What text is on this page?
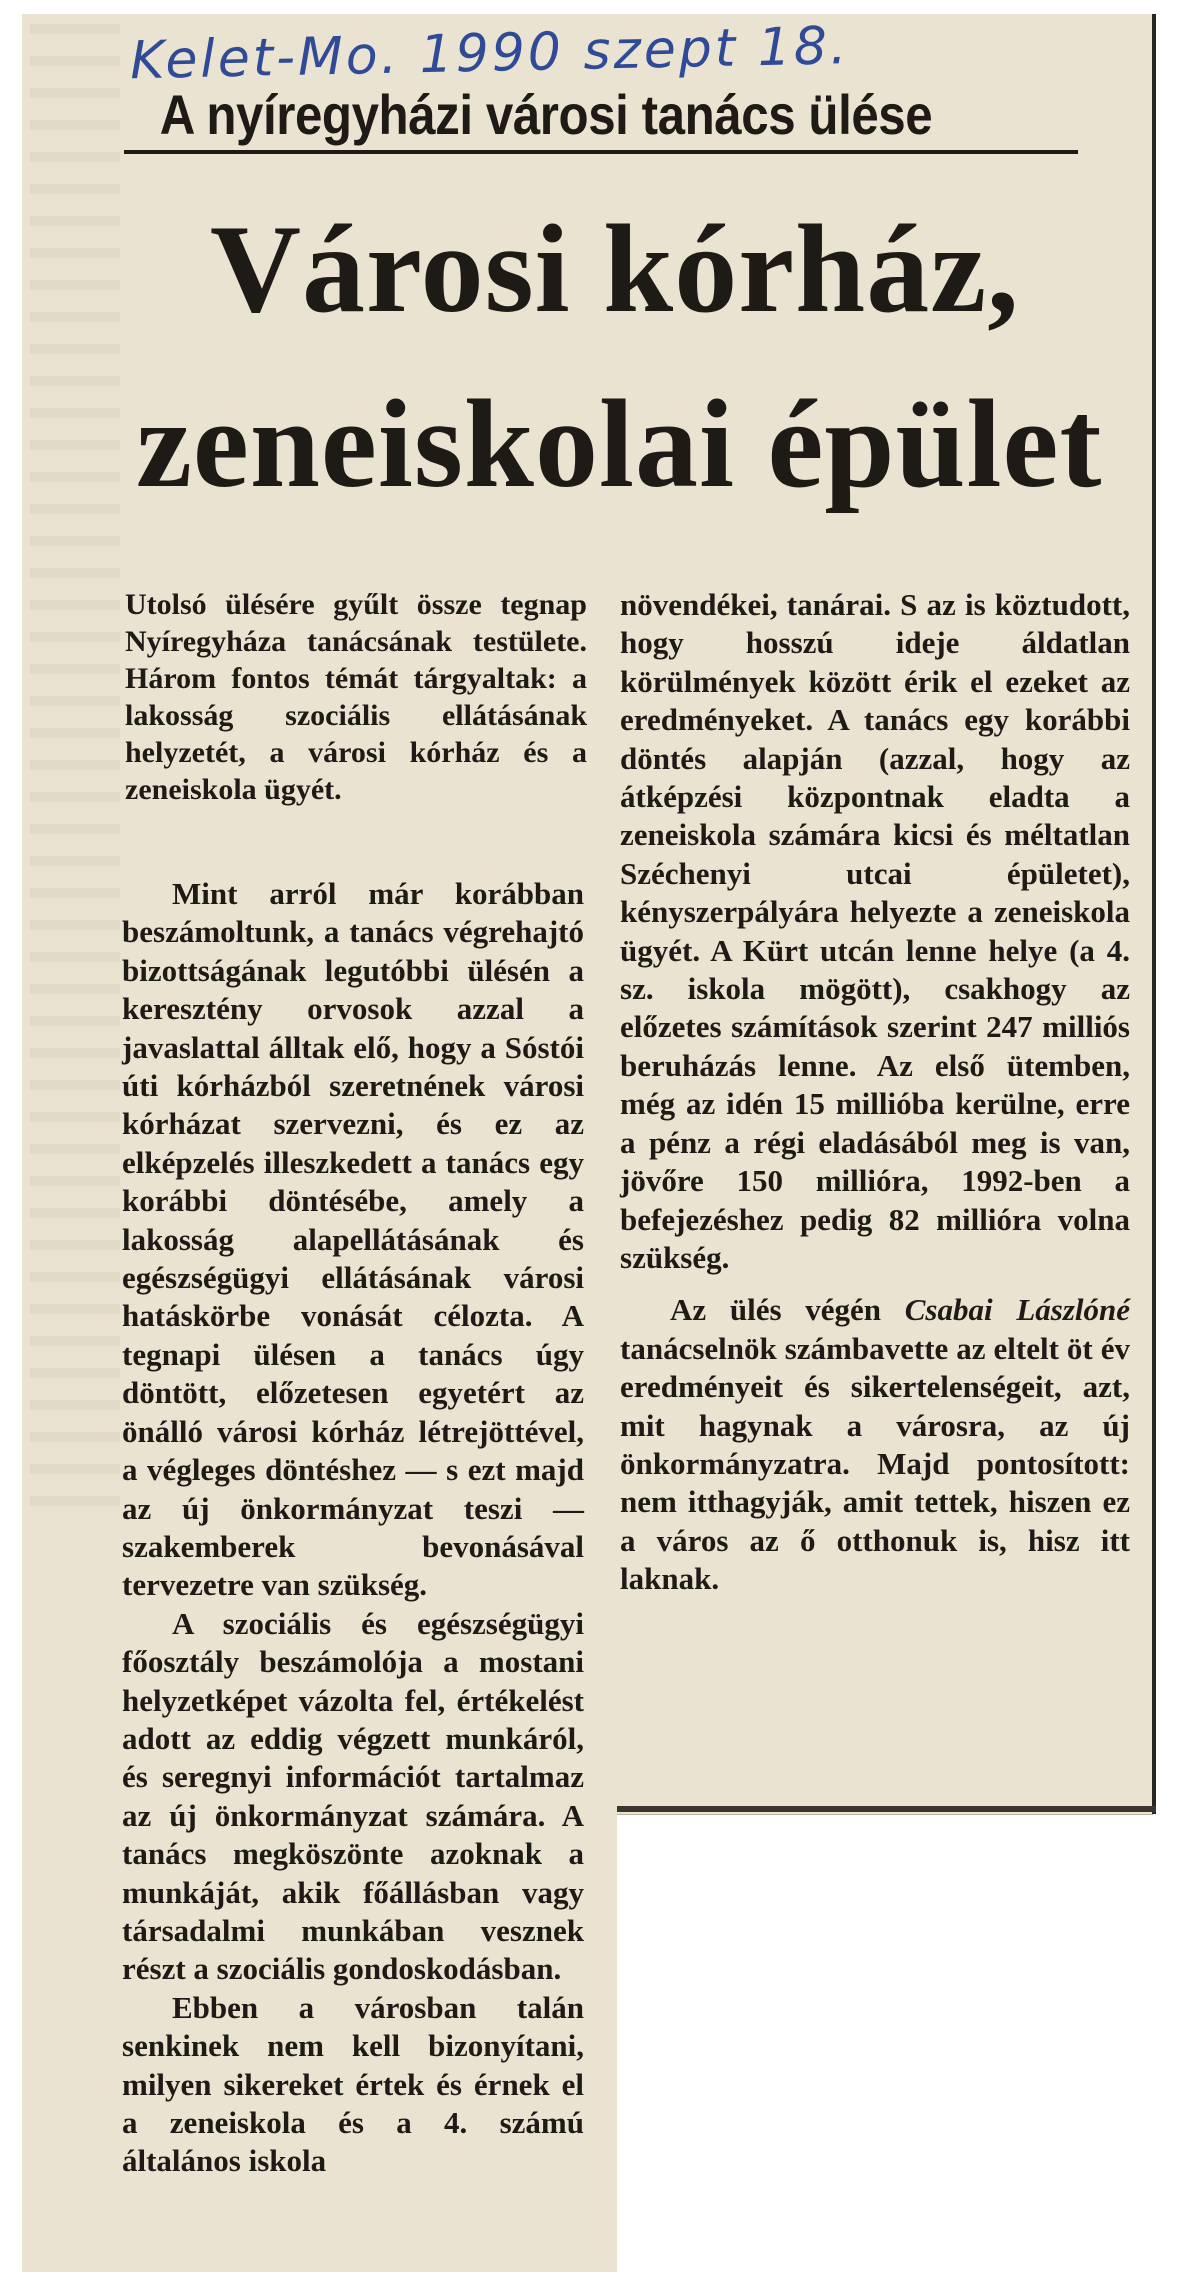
Kelet-Mo. 1990 szept 18.
A nyíregyházi városi tanács ülése
Városi kórház,
zeneiskolai épület

Utolsó ülésére gyűlt össze tegnap Nyíregyháza tanácsának testülete. Három fontos témát tárgyaltak: a lakosság szociális ellátásának helyzetét, a városi kórház és a zeneiskola ügyét.

Mint arról már korábban beszámoltunk, a tanács végrehajtó bizottságának legutóbbi ülésén a keresztény orvosok azzal a javaslattal álltak elő, hogy a Sóstói úti kórházból szeretnének városi kórházat szervezni, és ez az elképzelés illeszkedett a tanács egy korábbi döntésébe, amely a lakosság alapellátásának és egészségügyi ellátásának városi hatáskörbe vonását célozta. A tegnapi ülésen a tanács úgy döntött, előzetesen egyetért az önálló városi kórház létrejöttével, a végleges döntéshez — s ezt majd az új önkormányzat teszi — szakemberek bevonásával tervezetre van szükség.

A szociális és egészségügyi főosztály beszámolója a mostani helyzetképet vázolta fel, értékelést adott az eddig végzett munkáról, és seregnyi információt tartalmaz az új önkormányzat számára. A tanács megköszönte azoknak a munkáját, akik főállásban vagy társadalmi munkában vesznek részt a szociális gondoskodásban.

Ebben a városban talán senkinek nem kell bizonyítani, milyen sikereket értek és érnek el a zeneiskola és a 4. számú általános iskola

növendékei, tanárai. S az is köztudott, hogy hosszú ideje áldatlan körülmények között érik el ezeket az eredményeket. A tanács egy korábbi döntés alapján (azzal, hogy az átképzési központnak eladta a zeneiskola számára kicsi és méltatlan Széchenyi utcai épületet), kényszerpályára helyezte a zeneiskola ügyét. A Kürt utcán lenne helye (a 4. sz. iskola mögött), csakhogy az előzetes számítások szerint 247 milliós beruházás lenne. Az első ütemben, még az idén 15 millióba kerülne, erre a pénz a régi eladásából meg is van, jövőre 150 millióra, 1992-ben a befejezéshez pedig 82 millióra volna szükség.

Az ülés végén Csabai Lászlóné tanácselnök számbavette az eltelt öt év eredményeit és sikertelenségeit, azt, mit hagynak a városra, az új önkormányzatra. Majd pontosított: nem itthagyják, amit tettek, hiszen ez a város az ő otthonuk is, hisz itt laknak.
